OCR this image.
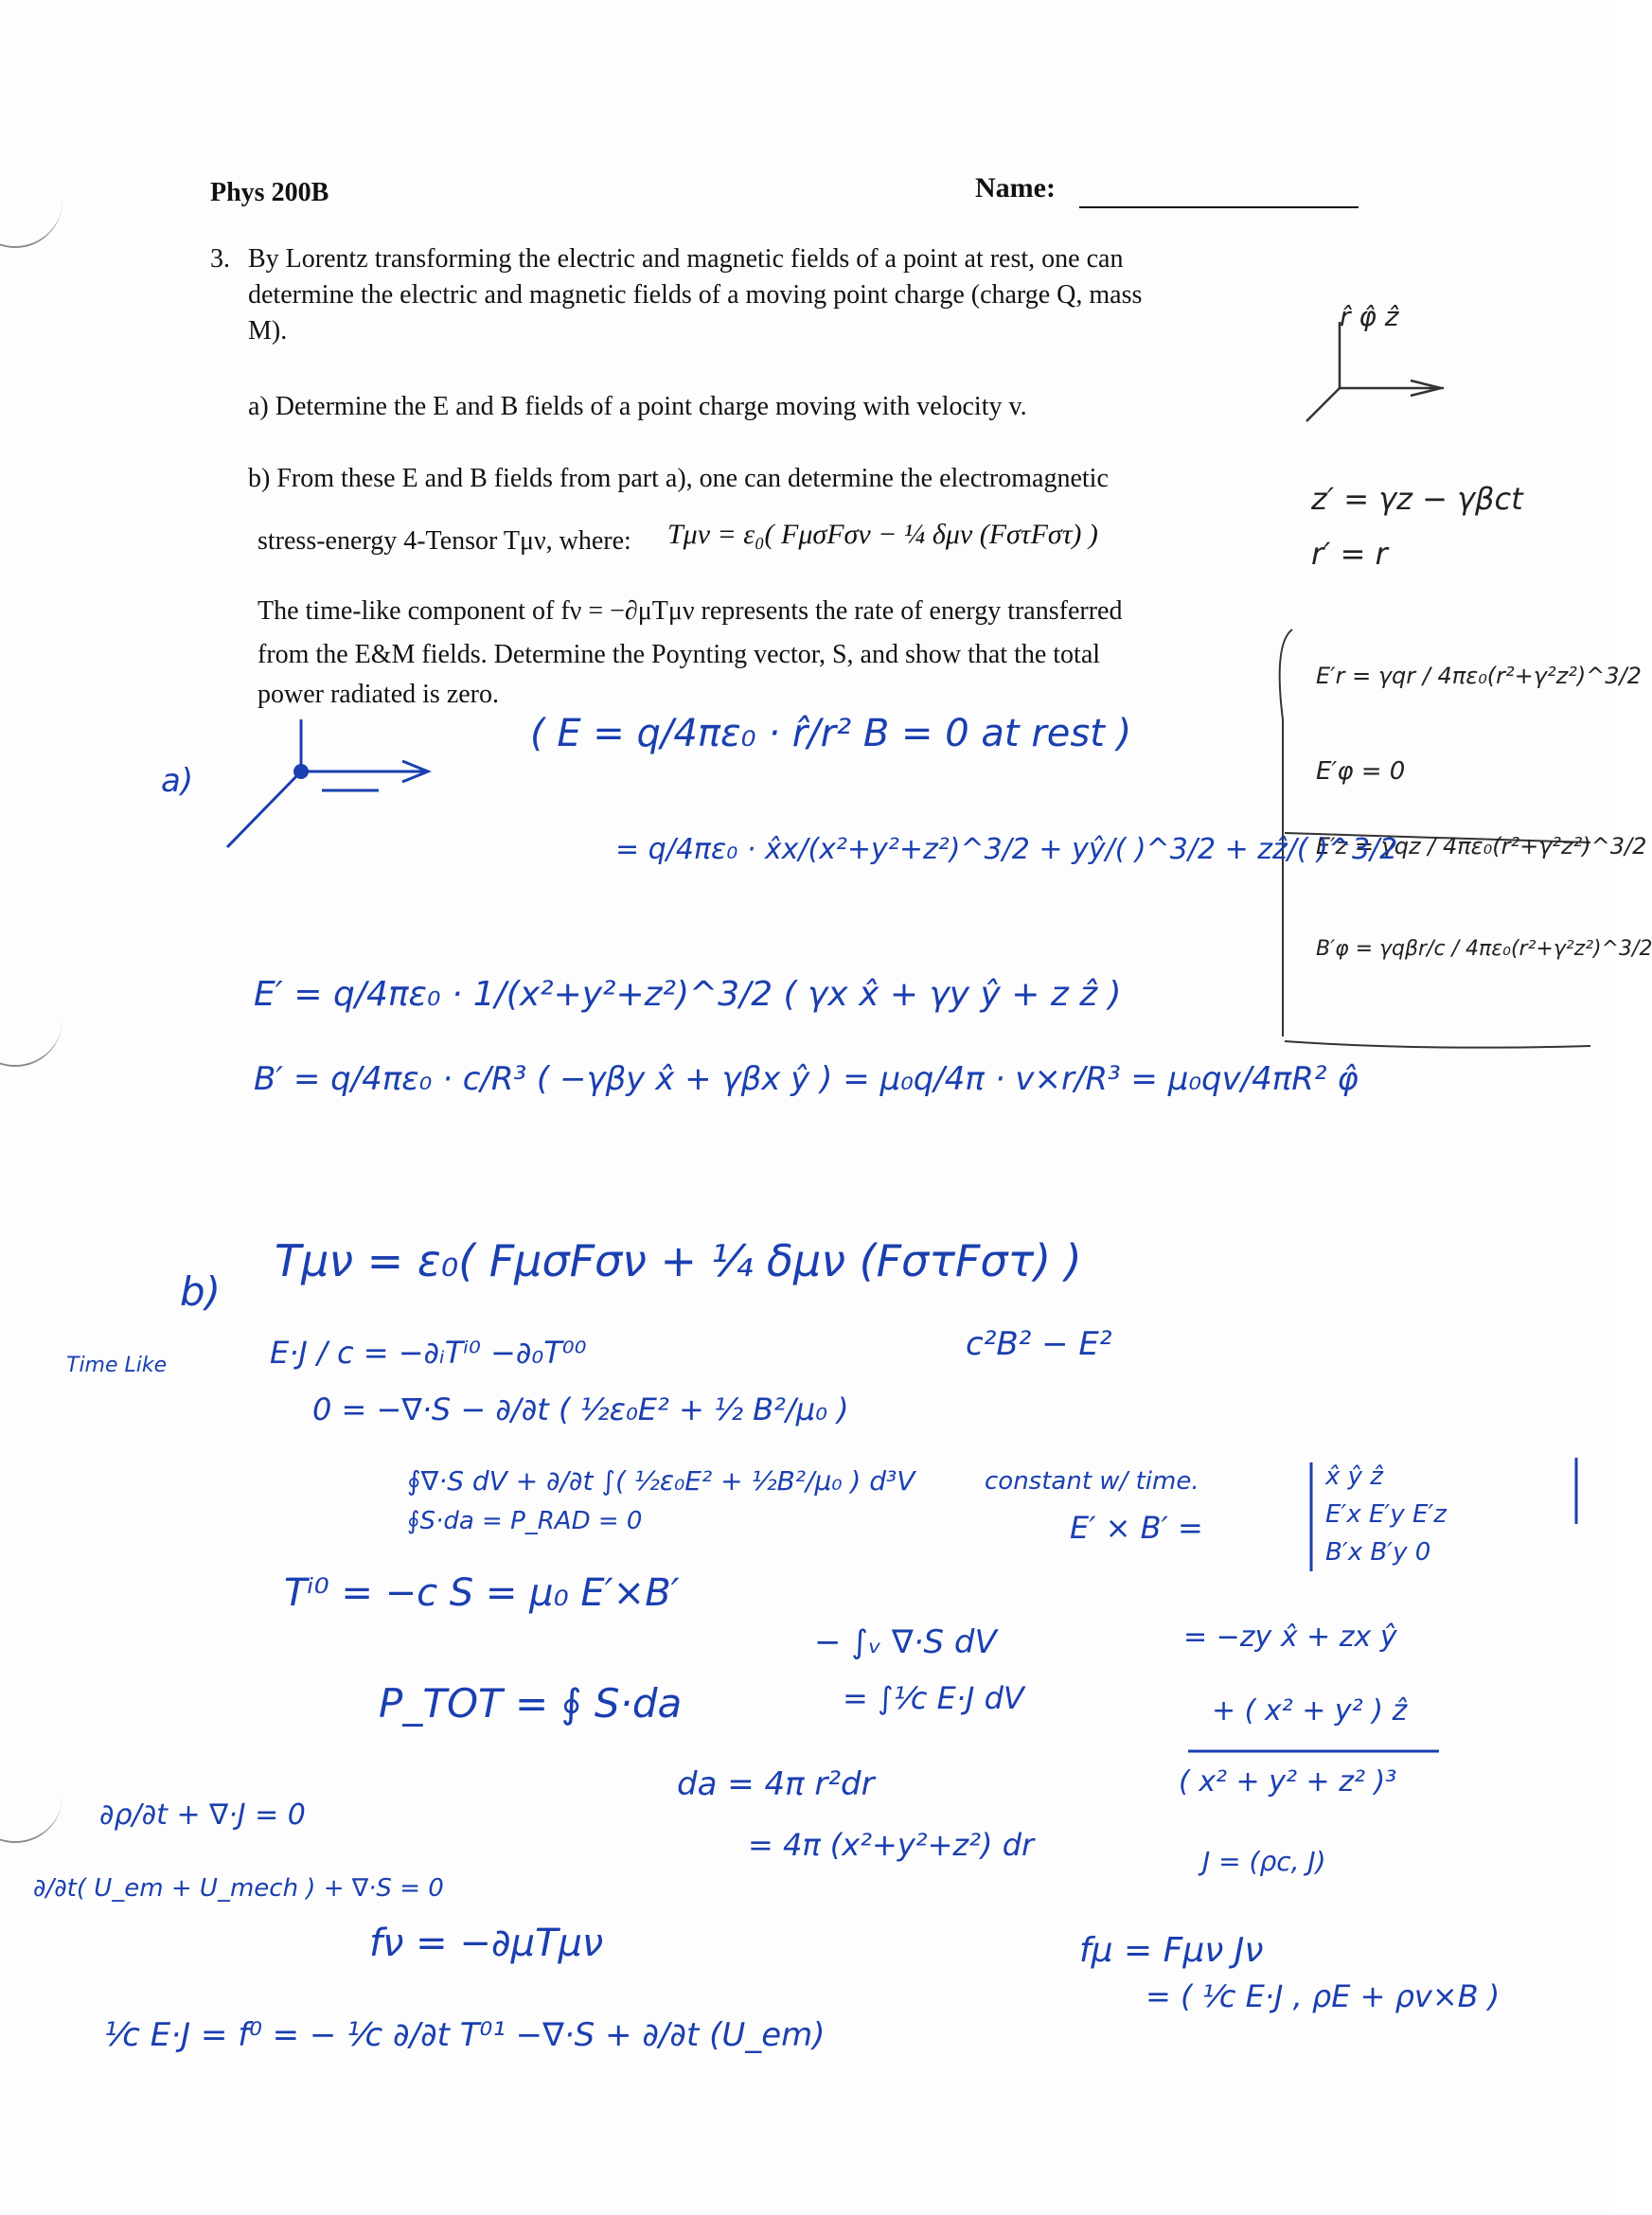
Phys 200B	Name:
3. By Lorentz transforming the electric and magnetic fields of a point at rest, one can
determine the electric and magnetic fields of a moving point charge (charge Q, mass
M).
a) Determine the E and B fields of a point charge moving with velocity v.
b) From these E and B fields from part a), one can determine the electromagnetic
stress-energy 4-Tensor Tμν, where: Tμν = ε₀( FμσFσν − ¼ δμν (FστFστ) )
The time-like component of fν = −∂μTμν represents the rate of energy transferred
from the E&M fields. Determine the Poynting vector, S, and show that the total
power radiated is zero.
r̂ φ̂ ẑ
z′ = γz − γβct
r′ = r
E′r = γqr / 4πε₀(r²+γ²z²)^3/2
E′φ = 0
E′z = γqz / 4πε₀(r²+γ²z²)^3/2
B′φ = γqβr/c / 4πε₀(r²+γ²z²)^3/2
a)
( E = q/4πε₀ · r̂/r² B = 0 at rest )
= q/4πε₀ · x̂x/(x²+y²+z²)^3/2 + yŷ/( )^3/2 + zẑ/( )^3/2
E′ = q/4πε₀ · 1/(x²+y²+z²)^3/2 ( γx x̂ + γy ŷ + z ẑ )
B′ = q/4πε₀ · c/R³ ( −γβy x̂ + γβx ŷ ) = μ₀q/4π · v×r/R³ = μ₀qv/4πR² φ̂
b)
Tμν = ε₀( FμσFσν + ¼ δμν (FστFστ) )
c²B² − E²
Time Like	E·J / c = −∂ᵢTⁱ⁰ −∂₀T⁰⁰
0 = −∇·S − ∂/∂t ( ½ε₀E² + ½ B²/μ₀ )
∮∇·S dV + ∂/∂t ∫( ½ε₀E² + ½B²/μ₀ ) d³V
∮S·da = P_RAD = 0
constant w/ time.
E′ × B′ =
x̂ ŷ ẑ
E′x E′y E′z
B′x B′y 0
Tⁱ⁰ = −c S = μ₀ E′×B′
= −zy x̂ + zx ŷ
+ ( x² + y² ) ẑ
( x² + y² + z² )³
− ∫ᵥ ∇·S dV
P_TOT = ∮ S·da	= ∫¹⁄c E·J dV
da = 4π r²dr
= 4π (x²+y²+z²) dr	J = (ρc, J)
∂ρ/∂t + ∇·J = 0
∂/∂t( U_em + U_mech ) + ∇·S = 0
fν = −∂μTμν	fμ = Fμν Jν
= ( ¹⁄c E·J , ρE + ρv×B )
¹⁄c E·J = f⁰ = − ¹⁄c ∂/∂t T⁰¹ −∇·S + ∂/∂t (U_em)
